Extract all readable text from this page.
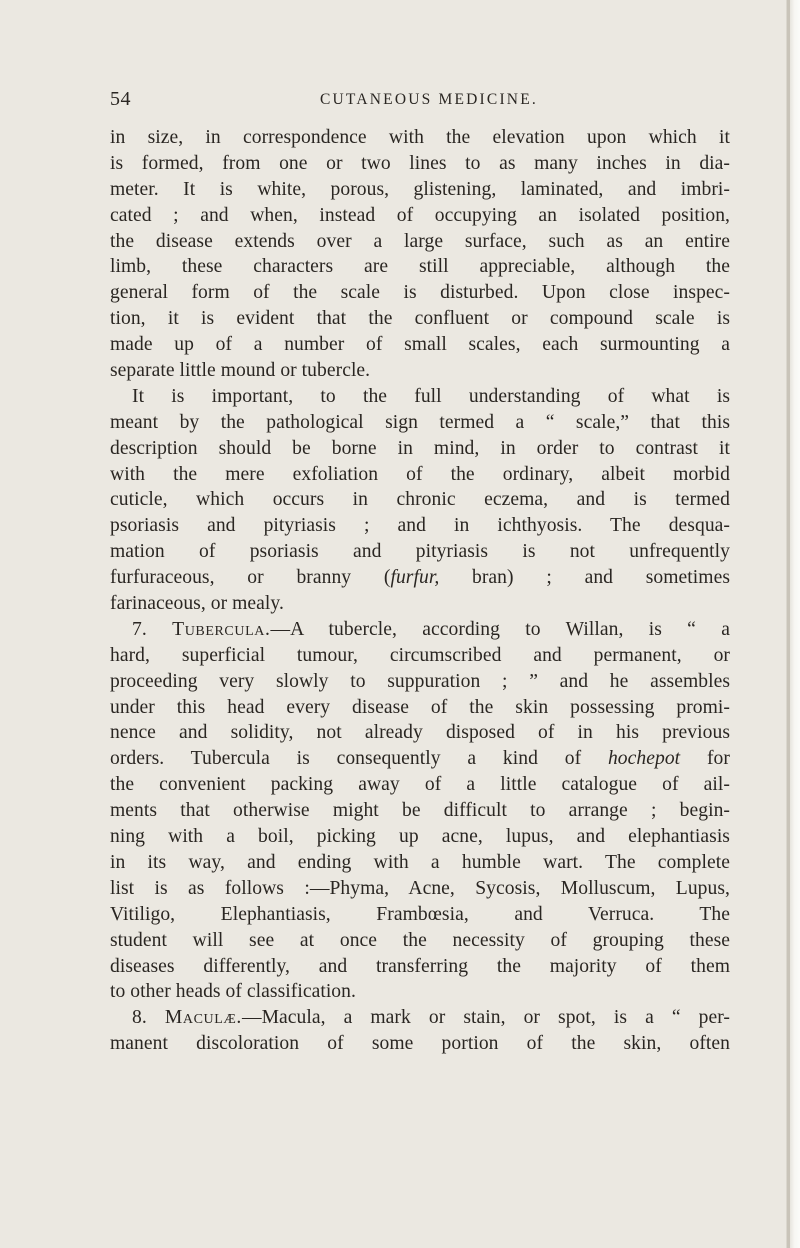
54	CUTANEOUS MEDICINE.
in size, in correspondence with the elevation upon which it
is formed, from one or two lines to as many inches in dia-
meter. It is white, porous, glistening, laminated, and imbri-
cated ; and when, instead of occupying an isolated position,
the disease extends over a large surface, such as an entire
limb, these characters are still appreciable, although the
general form of the scale is disturbed. Upon close inspec-
tion, it is evident that the confluent or compound scale is
made up of a number of small scales, each surmounting a
separate little mound or tubercle.
It is important, to the full understanding of what is
meant by the pathological sign termed a “ scale,” that this
description should be borne in mind, in order to contrast it
with the mere exfoliation of the ordinary, albeit morbid
cuticle, which occurs in chronic eczema, and is termed
psoriasis and pityriasis ; and in ichthyosis. The desqua-
mation of psoriasis and pityriasis is not unfrequently
furfuraceous, or branny (furfur, bran) ; and sometimes
farinaceous, or mealy.
7. Tubercula.—A tubercle, according to Willan, is “ a
hard, superficial tumour, circumscribed and permanent, or
proceeding very slowly to suppuration ; ” and he assembles
under this head every disease of the skin possessing promi-
nence and solidity, not already disposed of in his previous
orders. Tubercula is consequently a kind of hochepot for
the convenient packing away of a little catalogue of ail-
ments that otherwise might be difficult to arrange ; begin-
ning with a boil, picking up acne, lupus, and elephantiasis
in its way, and ending with a humble wart. The complete
list is as follows :—Phyma, Acne, Sycosis, Molluscum, Lupus,
Vitiligo, Elephantiasis, Frambœsia, and Verruca. The
student will see at once the necessity of grouping these
diseases differently, and transferring the majority of them
to other heads of classification.
8. Maculæ.—Macula, a mark or stain, or spot, is a “ per-
manent discoloration of some portion of the skin, often
